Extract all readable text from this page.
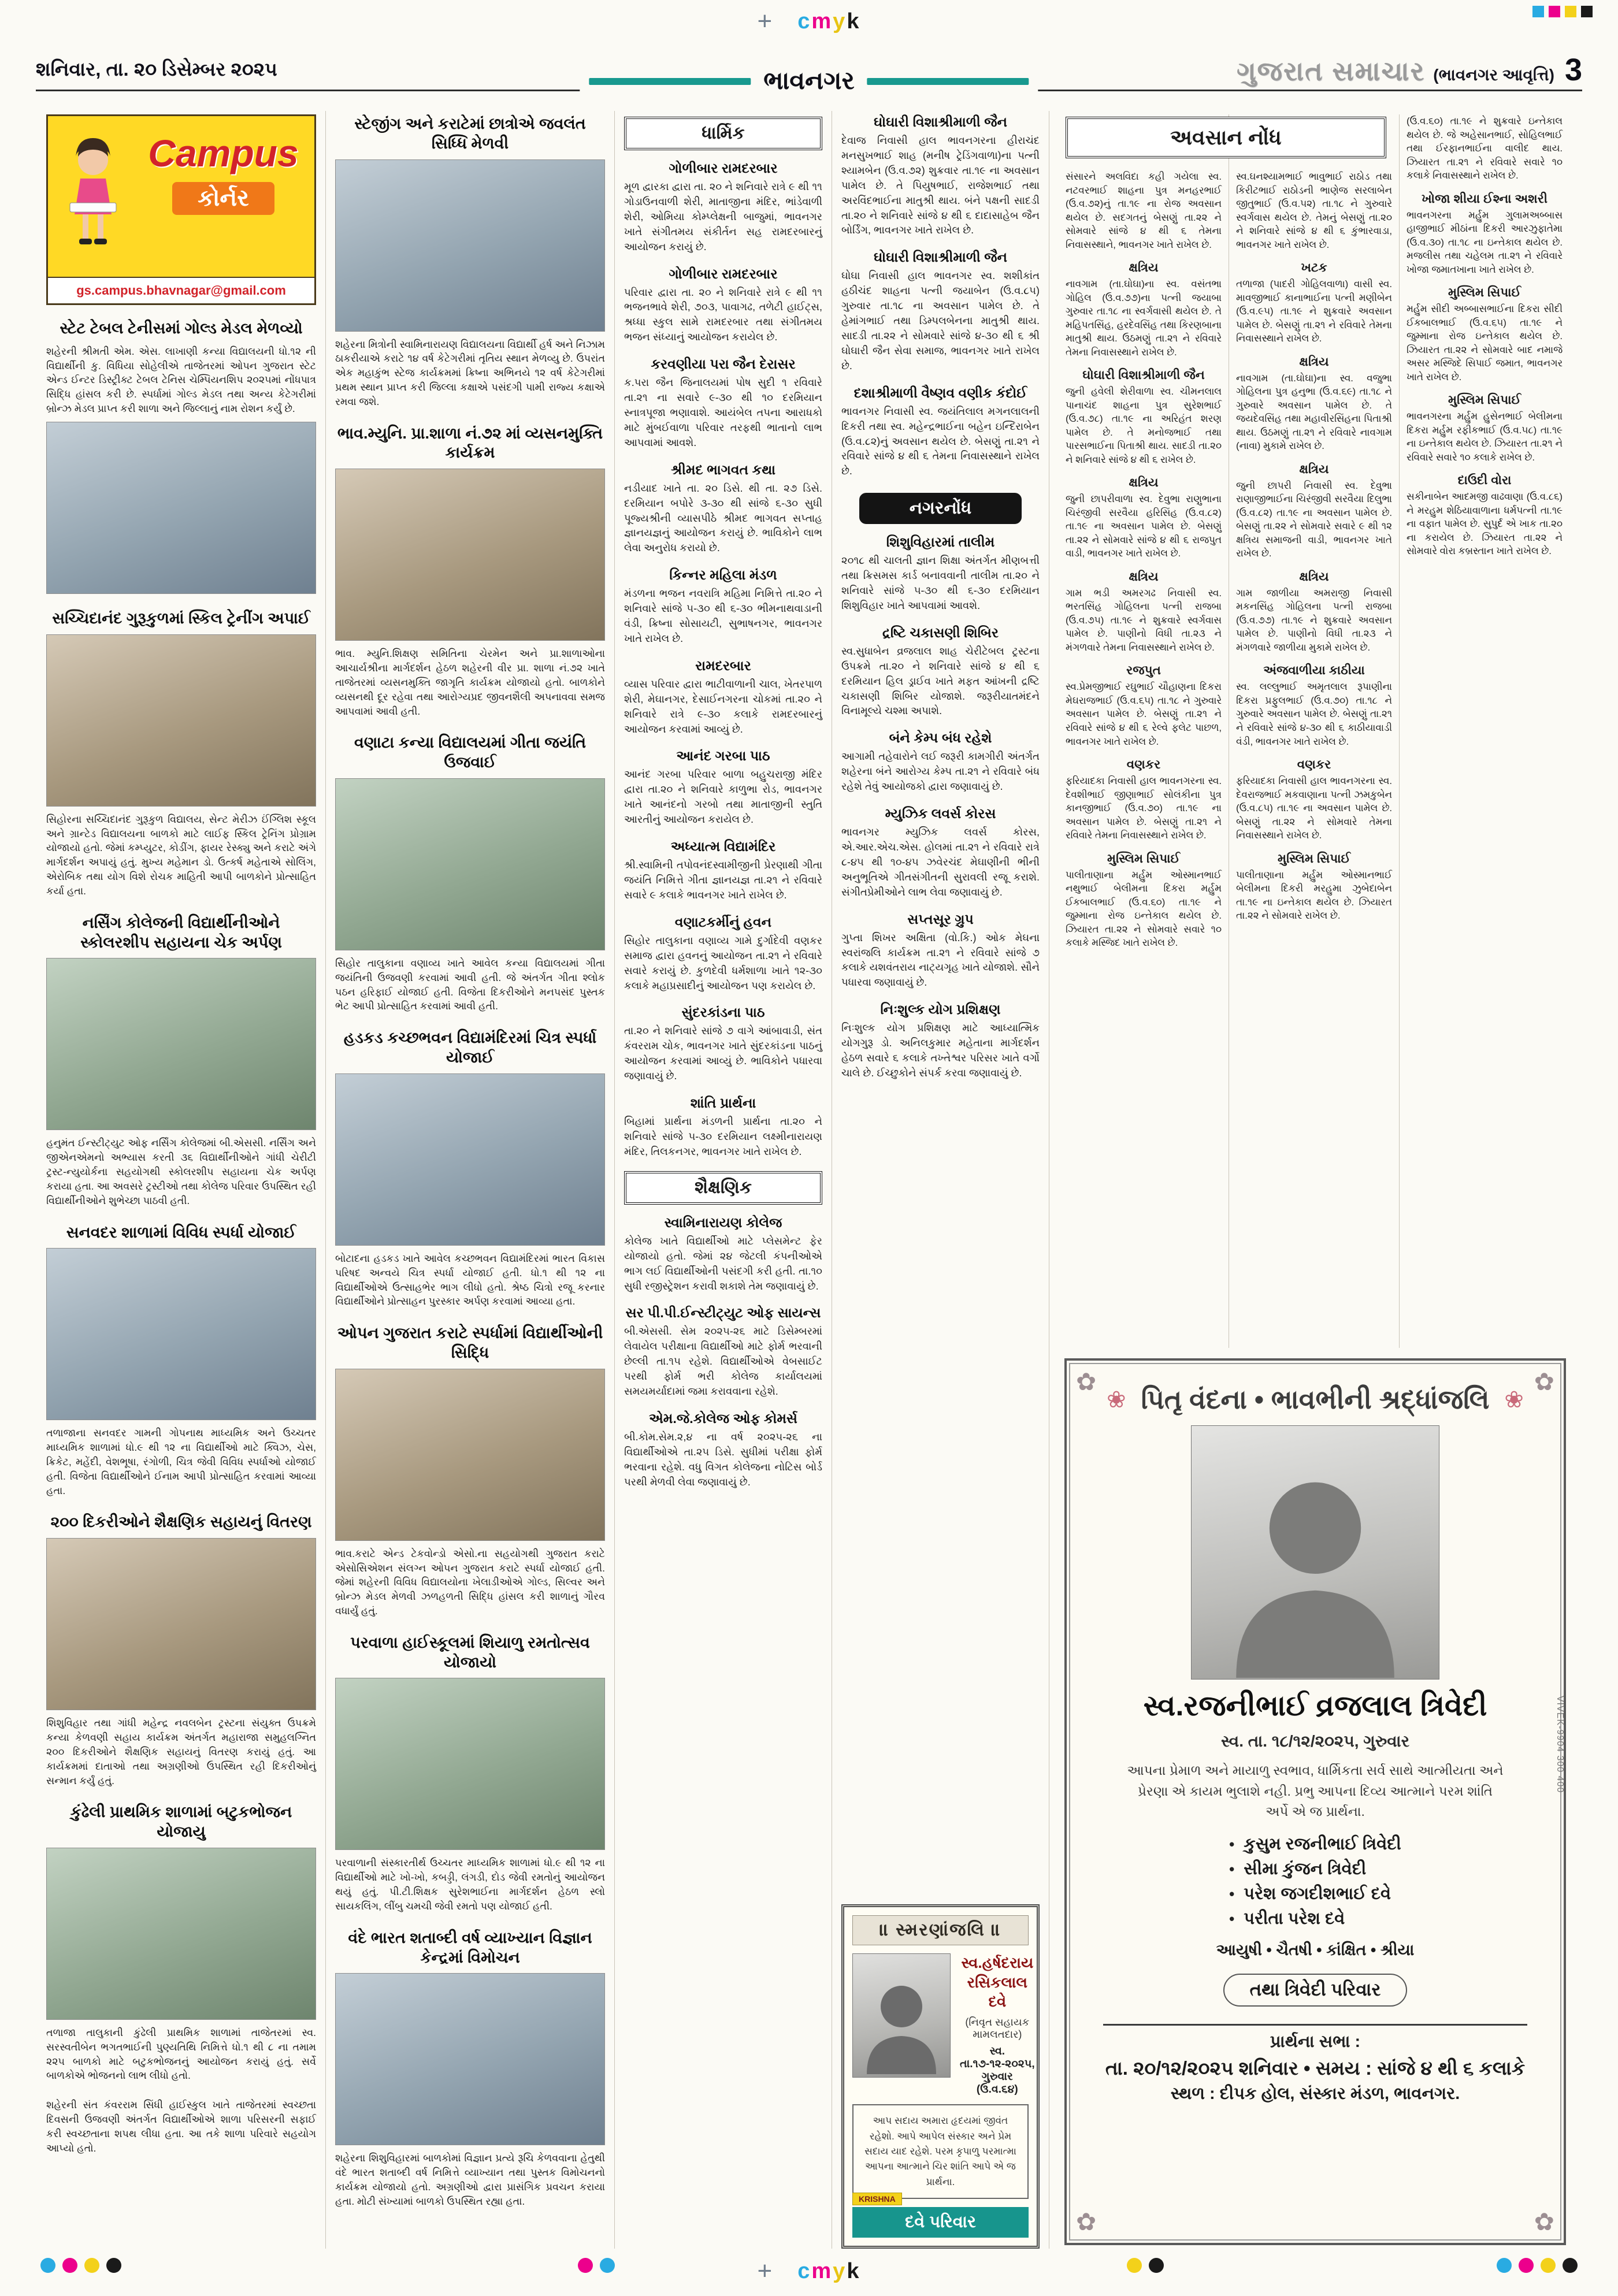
+ cmyk
શનિવાર, તા. ૨૦ ડિસેમ્બર ૨૦૨૫	ગુજરાત સમાચાર (ભાવનગર આવૃત્તિ) 3
ભાવનગર
Campus
કોર્નર
gs.campus.bhavnagar@gmail.com
સ્ટેટ ટેબલ ટેનીસમાં ગોલ્ડ મેડલ મેળવ્યો

શહેરની શ્રીમતી એમ. એસ. લાખાણી કન્યા વિદ્યાલયની ધો.૧૨ ની વિદ્યાર્થીની કુ. વિધિયા સોહેલીએ તાજેતરમાં ઓપન ગુજરાત સ્ટેટ એન્ડ ઈન્ટર ડિસ્ટ્રીક્ટ ટેબલ ટેનિસ ચેમ્પિયનશિપ ૨૦૨૫માં નોંધપાત્ર સિદ્ધિ હાંસલ કરી છે. સ્પર્ધામાં ગોલ્ડ મેડલ તથા અન્ય કેટેગરીમાં બ્રોન્ઝ મેડલ પ્રાપ્ત કરી શાળા અને જિલ્લાનું નામ રોશન કર્યું છે.

સચ્ચિદાનંદ ગુરૂકુળમાં સ્કિલ ટ્રેનીંગ અપાઈ

સિહોરના સચ્ચિદાનંદ ગુરૂકુળ વિદ્યાલય, સેન્ટ મેરીઝ ઈંગ્લિશ સ્કૂલ અને ગ્રાન્ટેડ વિદ્યાલયના બાળકો માટે લાઈફ સ્કિલ ટ્રેનિંગ પ્રોગ્રામ યોજાયો હતો. જેમાં કમ્પ્યુટર, કોડીંગ, ફાયર રેસ્ક્યુ અને કરાટે અંગે માર્ગદર્શન અપાયું હતું. મુખ્ય મહેમાન ડો. ઉત્કર્ષ મહેતાએ સોલિંગ, એરોબિક તથા યોગ વિશે રોચક માહિતી આપી બાળકોને પ્રોત્સાહિત કર્યા હતા.

નર્સિંગ કોલેજની વિદ્યાર્થીનીઓને સ્કોલરશીપ સહાયના ચેક અર્પણ

હનુમંત ઈન્સ્ટીટ્યુટ ઓફ નર્સિંગ કોલેજમાં બી.એસસી. નર્સિંગ અને જીએનએમનો અભ્યાસ કરતી ૩૬ વિદ્યાર્થીનીઓને ગાંધી ચેરીટી ટ્રસ્ટ-ન્યુયોર્કના સહયોગથી સ્કોલરશીપ સહાયના ચેક અર્પણ કરાયા હતા. આ અવસરે ટ્રસ્ટીઓ તથા કોલેજ પરિવાર ઉપસ્થિત રહી વિદ્યાર્થીનીઓને શુભેચ્છા પાઠવી હતી.

સનવદર શાળામાં વિવિધ સ્પર્ધા યોજાઈ

તળાજાના સનવદર ગામની ગોપનાથ માધ્યમિક અને ઉચ્ચતર માધ્યમિક શાળામાં ધો.૯ થી ૧૨ ના વિદ્યાર્થીઓ માટે ક્વિઝ, ચેસ, ક્રિકેટ, મહેંદી, વેશભૂષા, રંગોળી, ચિત્ર જેવી વિવિધ સ્પર્ધાઓ યોજાઈ હતી. વિજેતા વિદ્યાર્થીઓને ઈનામ આપી પ્રોત્સાહિત કરવામાં આવ્યા હતા.

૨૦૦ દિકરીઓને શૈક્ષણિક સહાયનું વિતરણ

શિશુવિહાર તથા ગાંધી મહેન્દ્ર નવલબેન ટ્રસ્ટના સંયુક્ત ઉપક્રમે કન્યા કેળવણી સહાય કાર્યક્રમ અંતર્ગત મહારાજા સમુહલગ્નિત ૨૦૦ દિકરીઓને શૈક્ષણિક સહાયનું વિતરણ કરાયું હતું. આ કાર્યક્રમમાં દાતાઓ તથા અગ્રણીઓ ઉપસ્થિત રહી દિકરીઓનું સન્માન કર્યું હતું.

કુંઢેલી પ્રાથમિક શાળામાં બટુકભોજન યોજાયુ

તળાજા તાલુકાની કુંઢેલી પ્રાથમિક શાળામાં તાજેતરમાં સ્વ. સરસ્વતીબેન ભગતભાઈની પુણ્યતિથિ નિમિત્તે ધો.૧ થી ૮ ના તમામ ૨૨૫ બાળકો માટે બટુકભોજનનું આયોજન કરાયું હતું. સર્વે બાળકોએ ભોજનનો લાભ લીધો હતો.

શહેરની સંત કંવરરામ સિંધી હાઈસ્કુલ ખાતે તાજેતરમાં સ્વચ્છતા દિવસની ઉજવણી અંતર્ગત વિદ્યાર્થીઓએ શાળા પરિસરની સફાઈ કરી સ્વચ્છતાના શપથ લીધા હતા. આ તકે શાળા પરિવારે સહયોગ આપ્યો હતો.

સ્ટેજીંગ અને કરાટેમાં છાત્રોએ જવલંત સિધ્ધિ મેળવી

શહેરના મિત્રોની સ્વામિનારાયણ વિદ્યાલયના વિદ્યાર્થી હર્ષ અને નિઝામ ઠાકરીયાએ કરાટે ૧૪ વર્ષ કેટેગરીમાં તૃતિય સ્થાન મેળવ્યુ છે. ઉપરાંત એક મહાકુંભ સ્ટેજ કાર્યક્રમમાં ક્રિષ્ના અભિનયે ૧૨ વર્ષ કેટેગરીમાં પ્રથમ સ્થાન પ્રાપ્ત કરી જિલ્લા કક્ષાએ પસંદગી પામી રાજ્ય કક્ષાએ રમવા જશે.

ભાવ.મ્યુનિ. પ્રા.શાળા નં.૭૨ માં વ્યસનમુક્તિ કાર્યક્રમ

ભાવ. મ્યુનિ.શિક્ષણ સમિતિના ચેરમેન અને પ્રા.શાળાઓના આચાર્યશ્રીના માર્ગદર્શન હેઠળ શહેરની વીર પ્રા. શાળા નં.૭૨ ખાતે તાજેતરમાં વ્યસનમુક્તિ જાગૃતિ કાર્યક્રમ યોજાયો હતો. બાળકોને વ્યસનથી દૂર રહેવા તથા આરોગ્યપ્રદ જીવનશૈલી અપનાવવા સમજ આપવામાં આવી હતી.

વણાટા કન્યા વિદ્યાલયમાં ગીતા જયંતિ ઉજવાઈ

સિહોર તાલુકાના વણાવ્ય ખાતે આવેલ કન્યા વિદ્યાલયમાં ગીતા જયંતિની ઉજવણી કરવામાં આવી હતી. જે અંતર્ગત ગીતા શ્લોક પઠન હરિફાઈ યોજાઈ હતી. વિજેતા દિકરીઓને મનપસંદ પુસ્તક ભેટ આપી પ્રોત્સાહિત કરવામાં આવી હતી.

હડકડ કચ્છભવન વિદ્યામંદિરમાં ચિત્ર સ્પર્ધા યોજાઈ

બોટાદના હડકડ ખાતે આવેલ કચ્છભવન વિદ્યામંદિરમાં ભારત વિકાસ પરિષદ અન્વયે ચિત્ર સ્પર્ધા યોજાઈ હતી. ધો.૧ થી ૧૨ ના વિદ્યાર્થીઓએ ઉત્સાહભેર ભાગ લીધો હતો. શ્રેષ્ઠ ચિત્રો રજૂ કરનાર વિદ્યાર્થીઓને પ્રોત્સાહન પુરસ્કાર અર્પણ કરવામાં આવ્યા હતા.

ઓપન ગુજરાત કરાટે સ્પર્ધામાં વિદ્યાર્થીઓની સિદ્ધિ

ભાવ.કરાટે એન્ડ ટેકવોન્ડો એસો.ના સહયોગથી ગુજરાત કરાટે એસોસિએશન સંલગ્ન ઓપન ગુજરાત કરાટે સ્પર્ધા યોજાઈ હતી. જેમાં શહેરની વિવિધ વિદ્યાલયોના ખેલાડીઓએ ગોલ્ડ, સિલ્વર અને બ્રોન્ઝ મેડલ મેળવી ઝળહળતી સિદ્ધિ હાંસલ કરી શાળાનું ગૌરવ વધાર્યું હતું.

પરવાળા હાઈસ્કૂલમાં શિયાળુ રમતોત્સવ યોજાયો

પરવાળાની સંસ્કારતીર્થ ઉચ્ચતર માધ્યમિક શાળામાં ધો.૯ થી ૧૨ ના વિદ્યાર્થીઓ માટે ખો-ખો, કબડ્ડી, લંગડી, દોડ જેવી રમતોનું આયોજન થયું હતું. પી.ટી.શિક્ષક સુરેશભાઈના માર્ગદર્શન હેઠળ સ્લો સાયકલિંગ, લીંબુ ચમચી જેવી રમતો પણ યોજાઈ હતી.

વંદે ભારત શતાબ્દી વર્ષ વ્યાખ્યાન વિજ્ઞાન કેન્દ્રમાં વિમોચન

શહેરના શિશુવિહારમાં બાળકોમાં વિજ્ઞાન પ્રત્યે રૂચિ કેળવવાના હેતુથી વંદે ભારત શતાબ્દી વર્ષ નિમિત્તે વ્યાખ્યાન તથા પુસ્તક વિમોચનનો કાર્યક્રમ યોજાયો હતો. અગ્રણીઓ દ્વારા પ્રાસંગિક પ્રવચન કરાયા હતા. મોટી સંખ્યામાં બાળકો ઉપસ્થિત રહ્યા હતા.

ધાર્મિક
ગોળીબાર રામદરબાર

મૂળ દ્વારકા દ્વારા તા. ૨૦ ને શનિવારે રાત્રે ૯ થી ૧૧ ગોડાઉનવાળી શેરી, માતાજીના મંદિર, ભાંડેવાળી શેરી, ઓમિયા કોમ્પ્લેક્ષની બાજુમાં, ભાવનગર ખાતે સંગીતમય સંકીર્તન સહ રામદરબારનું આયોજન કરાયું છે.

ગોળીબાર રામદરબાર

પરિવાર દ્વારા તા. ૨૦ ને શનિવારે રાત્રે ૯ થી ૧૧ ભજનભાવે શેરી, ૭૦૩, પાવાગઢ, તળેટી હાઈટ્સ, શ્રધ્ધા સ્કુલ સામે રામદરબાર તથા સંગીતમય ભજન સંધ્યાનું આયોજન કરાયેલ છે.

કરવણીયા પરા જૈન દેરાસર

ક.પરા જૈન જિનાલયમાં પોષ સુદી ૧ રવિવારે તા.૨૧ ના સવારે ૯-૩૦ થી ૧૦ દરમિયાન સ્નાત્રપૂજા ભણાવાશે. આયંબેલ તપના આરાધકો માટે મુંબઈવાળા પરિવાર તરફથી ભાતાનો લાભ આપવામાં આવશે.

શ્રીમદ ભાગવત કથા

નડીયાદ ખાતે તા. ૨૦ ડિસે. થી તા. ૨૭ ડિસે. દરમિયાન બપોરે ૩-૩૦ થી સાંજે ૬-૩૦ સુધી પૂજ્યશ્રીની વ્યાસપીઠે શ્રીમદ ભાગવત સપ્તાહ જ્ઞાનયજ્ઞનું આયોજન કરાયું છે. ભાવિકોને લાભ લેવા અનુરોધ કરાયો છે.

કિન્નર મહિલા મંડળ

મંડળના ભજન નવરાત્રિ મહિમા નિમિત્તે તા.૨૦ ને શનિવારે સાંજે ૫-૩૦ થી ૬-૩૦ ભીમનાથવાડાની વંડી, ક્રિષ્ના સોસાયટી, સુભાષનગર, ભાવનગર ખાતે રાખેલ છે.

રામદરબાર

વ્યાસ પરિવાર દ્વારા ભાટીવાળાની ચાલ, ખેતરપાળ શેરી, મેઘાનગર, દેસાઈનગરના ચોકમાં તા.૨૦ ને શનિવારે રાત્રે ૯-૩૦ કલાકે રામદરબારનું આયોજન કરવામાં આવ્યું છે.

આનંદ ગરબા પાઠ

આનંદ ગરબા પરિવાર બાળા બહુચરાજી મંદિર દ્વારા તા.૨૦ ને શનિવારે કાળુભા રોડ, ભાવનગર ખાતે આનંદનો ગરબો તથા માતાજીની સ્તુતિ આરતીનું આયોજન કરાયેલ છે.

અધ્યાત્મ વિદ્યામંદિર

શ્રી.સ્વામિની તપોવનંદસ્વામીજીની પ્રેરણાથી ગીતા જયંતિ નિમિત્તે ગીતા જ્ઞાનયજ્ઞ તા.૨૧ ને રવિવારે સવારે ૯ કલાકે ભાવનગર ખાતે રાખેલ છે.

વણાટકર્મીનું હવન

સિહોર તાલુકાના વણાવ્ય ગામે દુર્ગાદેવી વણકર સમાજ દ્વારા હવનનું આયોજન તા.૨૧ ને રવિવારે સવારે કરાયું છે. કુળદેવી ધર્મશાળા ખાતે ૧૨-૩૦ કલાકે મહાપ્રસાદીનું આયોજન પણ કરાયેલ છે.

સુંદરકાંડના પાઠ

તા.૨૦ ને શનિવારે સાંજે ૭ વાગે આંબાવાડી, સંત કંવરરામ ચોક, ભાવનગર ખાતે સુંદરકાંડના પાઠનું આયોજન કરવામાં આવ્યું છે. ભાવિકોને પધારવા જણાવાયું છે.

શાંતિ પ્રાર્થના

બિહામાં પ્રાર્થના મંડળની પ્રાર્થના તા.૨૦ ને શનિવારે સાંજે ૫-૩૦ દરમિયાન લક્ષ્મીનારાયણ મંદિર, તિલકનગર, ભાવનગર ખાતે રાખેલ છે.

શૈક્ષણિક
સ્વામિનારાયણ કોલેજ

કોલેજ ખાતે વિદ્યાર્થીઓ માટે પ્લેસમેન્ટ ફેર યોજાયો હતો. જેમાં ૨૪ જેટલી કંપનીઓએ ભાગ લઈ વિદ્યાર્થીઓની પસંદગી કરી હતી. તા.૧૦ સુધી રજીસ્ટ્રેશન કરાવી શકાશે તેમ જણાવાયું છે.

સર પી.પી.ઈન્સ્ટીટ્યુટ ઓફ સાયન્સ

બી.એસસી. સેમ ૨૦૨૫-૨૬ માટે ડિસેમ્બરમાં લેવાયેલ પરીક્ષાના વિદ્યાર્થીઓ માટે ફોર્મ ભરવાની છેલ્લી તા.૧૫ રહેશે. વિદ્યાર્થીઓએ વેબસાઈટ પરથી ફોર્મ ભરી કોલેજ કાર્યાલયમાં સમયમર્યાદામાં જમા કરાવવાના રહેશે.

એમ.જે.કોલેજ ઓફ કોમર્સ

બી.કોમ.સેમ.૨,૪ ના વર્ષ ૨૦૨૫-૨૬ ના વિદ્યાર્થીઓએ તા.૨૫ ડિસે. સુધીમાં પરીક્ષા ફોર્મ ભરવાના રહેશે. વધુ વિગત કોલેજના નોટિસ બોર્ડ પરથી મેળવી લેવા જણાવાયું છે.

ઘોઘારી વિશાશ્રીમાળી જૈન

દેવાજ નિવાસી હાલ ભાવનગરના હીરાચંદ મનસુખભાઈ શાહ (મનીષ ટ્રેડિંગવાળા)ના પત્ની શ્યામબેન (ઉ.વ.૭૨) શુક્રવાર તા.૧૯ ના અવસાન પામેલ છે. તે પિયુષભાઈ, રાજેશભાઈ તથા અરવિંદભાઈના માતુશ્રી થાય. બંને પક્ષની સાદડી તા.૨૦ ને શનિવારે સાંજે ૪ થી ૬ દાદાસાહેબ જૈન બોર્ડિંગ, ભાવનગર ખાતે રાખેલ છે.

ઘોઘારી વિશાશ્રીમાળી જૈન

ઘોઘા નિવાસી હાલ ભાવનગર સ્વ. શશીકાંત હઠીચંદ શાહના પત્ની જયાબેન (ઉ.વ.૮૫) ગુરુવાર તા.૧૮ ના અવસાન પામેલ છે. તે હેમાંગભાઈ તથા ડિમ્પલબેનના માતુશ્રી થાય. સાદડી તા.૨૨ ને સોમવારે સાંજે ૪-૩૦ થી ૬ શ્રી ઘોઘારી જૈન સેવા સમાજ, ભાવનગર ખાતે રાખેલ છે.

દશાશ્રીમાળી વૈષ્ણવ વણીક કંદોઈ

ભાવનગર નિવાસી સ્વ. જયંતિલાલ મગનલાલની દિકરી તથા સ્વ. મહેન્દ્રભાઈના બહેન ઇન્દિરાબેન (ઉ.વ.૮૨)નું અવસાન થયેલ છે. બેસણું તા.૨૧ ને રવિવારે સાંજે ૪ થી ૬ તેમના નિવાસસ્થાને રાખેલ છે.

નગરનોંધ
શિશુવિહારમાં તાલીમ

૨૦૧૮ થી ચાલતી જ્ઞાન શિક્ષા અંતર્ગત મીણબત્તી તથા ક્રિસમસ કાર્ડ બનાવવાની તાલીમ તા.૨૦ ને શનિવારે સાંજે ૫-૩૦ થી ૬-૩૦ દરમિયાન શિશુવિહાર ખાતે આપવામાં આવશે.

દ્રષ્ટિ ચકાસણી શિબિર

સ્વ.સુધાબેન વ્રજલાલ શાહ ચેરીટેબલ ટ્રસ્ટના ઉપક્રમે તા.૨૦ ને શનિવારે સાંજે ૪ થી ૬ દરમિયાન હિલ ડ્રાઈવ ખાતે મફત આંખની દ્રષ્ટિ ચકાસણી શિબિર યોજાશે. જરૂરીયાતમંદને વિનામૂલ્યે ચશ્મા અપાશે.

બંને કેમ્પ બંધ રહેશે

આગામી તહેવારોને લઈ જરૂરી કામગીરી અંતર્ગત શહેરના બંને આરોગ્ય કેમ્પ તા.૨૧ ને રવિવારે બંધ રહેશે તેવું આયોજકો દ્વારા જણાવાયું છે.

મ્યુઝિક લવર્સ કોરસ

ભાવનગર મ્યુઝિક લવર્સ કોરસ, એ.આર.એચ.એસ. હોલમાં તા.૨૧ ને રવિવારે રાત્રે ૮-૪૫ થી ૧૦-૪૫ ઝવેરચંદ મેઘાણીની ભીની અનુભૂતિએ ગીતસંગીતની સુરાવલી રજૂ કરાશે. સંગીતપ્રેમીઓને લાભ લેવા જણાવાયું છે.

સપ્તસૂર ગ્રુપ

ગુપ્તા શિખર અક્ષિતા (વો.કિ.) ઓક મેઘના સ્વરાંજલિ કાર્યક્રમ તા.૨૧ ને રવિવારે સાંજે ૭ કલાકે યશવંતરાય નાટ્યગૃહ ખાતે યોજાશે. સૌને પધારવા જણાવાયું છે.

નિઃશુલ્ક યોગ પ્રશિક્ષણ

નિઃશુલ્ક યોગ પ્રશિક્ષણ માટે આધ્યાત્મિક યોગગુરૂ ડો. અનિલકુમાર મહેતાના માર્ગદર્શન હેઠળ સવારે ૬ કલાકે તખ્તેશ્વર પરિસર ખાતે વર્ગો ચાલે છે. ઈચ્છુકોને સંપર્ક કરવા જણાવાયું છે.

॥ સ્મરણાંજલિ ॥
સ્વ.હર્ષદરાય રસિકલાલ દવે
(નિવૃત સહાયક મામલતદાર)
સ્વ. તા.૧૭-૧૨-૨૦૨૫, ગુરુવાર (ઉ.વ.૬૪)
આપ સદાય અમારા હૃદયમાં જીવંત રહેશો. આપે આપેલ સંસ્કાર અને પ્રેમ સદાય યાદ રહેશે. પરમ કૃપાળુ પરમાત્મા આપના આત્માને ચિર શાંતિ આપે એ જ પ્રાર્થના.
KRISHNA
દવે પરિવાર
અવસાન નોંધ

સંસારને અલવિદા કહી ગયેલા સ્વ. નટવરભાઈ શાહના પુત્ર મનહરભાઈ (ઉ.વ.૭૨)નું તા.૧૯ ના રોજ અવસાન થયેલ છે. સદગતનું બેસણું તા.૨૨ ને સોમવારે સાંજે ૪ થી ૬ તેમના નિવાસસ્થાને, ભાવનગર ખાતે રાખેલ છે.

ક્ષત્રિય

નાવગામ (તા.ઘોઘા)ના સ્વ. વસંતભા ગોહિલ (ઉ.વ.૭૭)ના પત્ની જયાબા ગુરુવાર તા.૧૮ ના સ્વર્ગવાસી થયેલ છે. તે મહિપતસિંહ, હરદેવસિંહ તથા કિરણબાના માતુશ્રી થાય. ઉઠમણું તા.૨૧ ને રવિવારે તેમના નિવાસસ્થાને રાખેલ છે.

ઘોઘારી વિશાશ્રીમાળી જૈન

જુની હવેલી શેરીવાળા સ્વ. ચીમનલાલ પાનાચંદ શાહના પુત્ર સુરેશભાઈ (ઉ.વ.૭૮) તા.૧૯ ના અરિહંત શરણ પામેલ છે. તે મનોજભાઈ તથા પારસભાઈના પિતાશ્રી થાય. સાદડી તા.૨૦ ને શનિવારે સાંજે ૪ થી ૬ રાખેલ છે.

ક્ષત્રિય

જુની છાપરીવાળા સ્વ. દેવુભા રાણુભાના ચિરંજીવી સરવૈયા હરિસિંહ (ઉ.વ.૮૨) તા.૧૯ ના અવસાન પામેલ છે. બેસણું તા.૨૨ ને સોમવારે સાંજે ૪ થી ૬ રાજપુત વાડી, ભાવનગર ખાતે રાખેલ છે.

ક્ષત્રિય

ગામ ભડી અમરગઢ નિવાસી સ્વ. ભરતસિંહ ગોહિલના પત્ની રાજબા (ઉ.વ.૭૫) તા.૧૯ ને શુક્રવારે સ્વર્ગવાસ પામેલ છે. પાણીનો વિધી તા.૨૩ ને મંગળવારે તેમના નિવાસસ્થાને રાખેલ છે.

રજપુત

સ્વ.પ્રેમજીભાઈ રઘુભાઈ ચૌહાણના દિકરા મેઘરાજભાઈ (ઉ.વ.૬૫) તા.૧૮ ને ગુરુવારે અવસાન પામેલ છે. બેસણું તા.૨૧ ને રવિવારે સાંજે ૪ થી ૬ રેલ્વે ફલેટ પાછળ, ભાવનગર ખાતે રાખેલ છે.

વણકર

ફરિયાદકા નિવાસી હાલ ભાવનગરના સ્વ. દેવશીભાઈ જીણાભાઈ સોલંકીના પુત્ર કાનજીભાઈ (ઉ.વ.૭૦) તા.૧૯ ના અવસાન પામેલ છે. બેસણું તા.૨૧ ને રવિવારે તેમના નિવાસસ્થાને રાખેલ છે.

મુસ્લિમ સિપાઈ

પાલીતાણાના મર્હુમ ઓસ્માનભાઈ નથુભાઈ બેલીમના દિકરા મર્હુમ ઈકબાલભાઈ (ઉ.વ.૬૦) તા.૧૯ ને જુમ્માના રોજ ઇન્તેકાલ થયેલ છે. ઝિયારત તા.૨૨ ને સોમવારે સવારે ૧૦ કલાકે મસ્જિદ ખાતે રાખેલ છે.

સ્વ.ઘનશ્યામભાઈ ભાવુભાઈ રાઠોડ તથા કિરીટભાઈ રાઠોડની ભાણેજ સરલાબેન જીતુભાઈ (ઉ.વ.૫૨) તા.૧૮ ને ગુરુવારે સ્વર્ગવાસ થયેલ છે. તેમનું બેસણું તા.૨૦ ને શનિવારે સાંજે ૪ થી ૬ કુંભારવાડા, ભાવનગર ખાતે રાખેલ છે.

ખટક

તળાજા (પાદરી ગોહિલવાળા) વાસી સ્વ. માવજીભાઈ કાનાભાઈના પત્ની મણીબેન (ઉ.વ.૯૫) તા.૧૯ ને શુક્રવારે અવસાન પામેલ છે. બેસણું તા.૨૧ ને રવિવારે તેમના નિવાસસ્થાને રાખેલ છે.

ક્ષત્રિય

નાવગામ (તા.ઘોઘા)ના સ્વ. વજુભા ગોહિલના પુત્ર હનુભા (ઉ.વ.૬૯) તા.૧૮ ને ગુરુવારે અવસાન પામેલ છે. તે જયદેવસિંહ તથા મહાવીરસિંહના પિતાશ્રી થાય. ઉઠમણું તા.૨૧ ને રવિવારે નાવગામ (નાવા) મુકામે રાખેલ છે.

ક્ષત્રિય

જુની છાપરી નિવાસી સ્વ. દેવુભા રાણાજીભાઈના ચિરંજીવી સરવૈયા દિલુભા (ઉ.વ.૮૨) તા.૧૯ ના અવસાન પામેલ છે. બેસણું તા.૨૨ ને સોમવારે સવારે ૯ થી ૧૨ ક્ષત્રિય સમાજની વાડી, ભાવનગર ખાતે રાખેલ છે.

ક્ષત્રિય

ગામ જાળીયા અમરાજી નિવાસી મકનસિંહ ગોહિલના પત્ની રાજબા (ઉ.વ.૭૭) તા.૧૯ ને શુક્રવારે અવસાન પામેલ છે. પાણીનો વિધી તા.૨૩ ને મંગળવારે જાળીયા મુકામે રાખેલ છે.

અંજવાળીયા કાઠીયા

સ્વ. લલ્લુભાઈ અમૃતલાલ રૂપાણીના દિકરા પ્રફુલભાઈ (ઉ.વ.૭૦) તા.૧૮ ને ગુરુવારે અવસાન પામેલ છે. બેસણું તા.૨૧ ને રવિવારે સાંજે ૪-૩૦ થી ૬ કાઠીયાવાડી વંડી, ભાવનગર ખાતે રાખેલ છે.

વણકર

ફરિયાદકા નિવાસી હાલ ભાવનગરના સ્વ. દેવરાજભાઈ મકવાણાના પત્ની ઝમકુબેન (ઉ.વ.૮૫) તા.૧૯ ના અવસાન પામેલ છે. બેસણું તા.૨૨ ને સોમવારે તેમના નિવાસસ્થાને રાખેલ છે.

મુસ્લિમ સિપાઈ

પાલીતાણાના મર્હુમ ઓસ્માનભાઈ બેલીમના દિકરી મરહુમા ઝુબેદાબેન તા.૧૯ ના ઇન્તેકાલ થયેલ છે. ઝિયારત તા.૨૨ ને સોમવારે રાખેલ છે.

(ઉ.વ.૬૦) તા.૧૯ ને શુક્રવારે ઇન્તેકાલ થયેલ છે. જે અહેસાનભાઈ, સોહિલભાઈ તથા ઈરફાનભાઈના વાલીદ થાય. ઝિયારત તા.૨૧ ને રવિવારે સવારે ૧૦ કલાકે નિવાસસ્થાને રાખેલ છે.

ખોજા શીયા ઈશ્ના અશરી

ભાવનગરના મર્હુમ ગુલામઅબ્બાસ હાજીભાઈ મીઠાંના દિકરી આરઝુફાતેમા (ઉ.વ.૩૦) તા.૧૮ ના ઇન્તેકાલ થયેલ છે. મજલીસ તથા ચહેલમ તા.૨૧ ને રવિવારે ખોજા જમાતખાના ખાતે રાખેલ છે.

મુસ્લિમ સિપાઈ

મર્હુમ સીદી અબ્બાસભાઈના દિકરા સીદી ઈકબાલભાઈ (ઉ.વ.૬૫) તા.૧૯ ને જુમ્માના રોજ ઇન્તેકાલ થયેલ છે. ઝિયારત તા.૨૨ ને સોમવારે બાદ નમાજે અસર મસ્જિદે સિપાઈ જમાત, ભાવનગર ખાતે રાખેલ છે.

મુસ્લિમ સિપાઈ

ભાવનગરના મર્હુમ હુસેનભાઈ બેલીમના દિકરા મર્હુમ રફીકભાઈ (ઉ.વ.૫૮) તા.૧૯ ના ઇન્તેકાલ થયેલ છે. ઝિયારત તા.૨૧ ને રવિવારે સવારે ૧૦ કલાકે રાખેલ છે.

દાઉદી વોરા

સકીનાબેન આદમજી વાઢવાણા (ઉ.વ.૮૬) ને મરહુમ શેઠિયાવાળાના ધર્મપત્ની તા.૧૯ ના વફાત પામેલ છે. સુપુર્દ એ ખાક તા.૨૦ ના કરાયેલ છે. ઝિયારત તા.૨૨ ને સોમવારે વોરા કબ્રસ્તાન ખાતે રાખેલ છે.

✿	✿
✿	✿
❀ પિતૃ વંદના • ભાવભીની શ્રદ્ધાંજલિ ❀
સ્વ.રજનીભાઈ વ્રજલાલ ત્રિવેદી
સ્વ. તા. ૧૮/૧૨/૨૦૨૫, ગુરુવાર
આપના પ્રેમાળ અને માયાળુ સ્વભાવ, ધાર્મિકતા સર્વ સાથે આત્મીયતા અને પ્રેરણા એ કાયમ ભુલાશે નહી. પ્રભુ આપના દિવ્ય આત્માને પરમ શાંતિ અર્પે એ જ પ્રાર્થના.
• કુસુમ રજનીભાઈ ત્રિવેદી
• સીમા કુંજન ત્રિવેદી
• પરેશ જગદીશભાઈ દવે
• પરીતા પરેશ દવે
આયુષી • ચૈતષી • કાંક્ષિત • શ્રીયા
તથા ત્રિવેદી પરિવાર
પ્રાર્થના સભા :
તા. ૨૦/૧૨/૨૦૨૫ શનિવાર • સમય : સાંજે ૪ થી ૬ કલાકે
સ્થળ : દીપક હોલ, સંસ્કાર મંડળ, ભાવનગર.
VIVEK-9904 300 400
+ cmyk
